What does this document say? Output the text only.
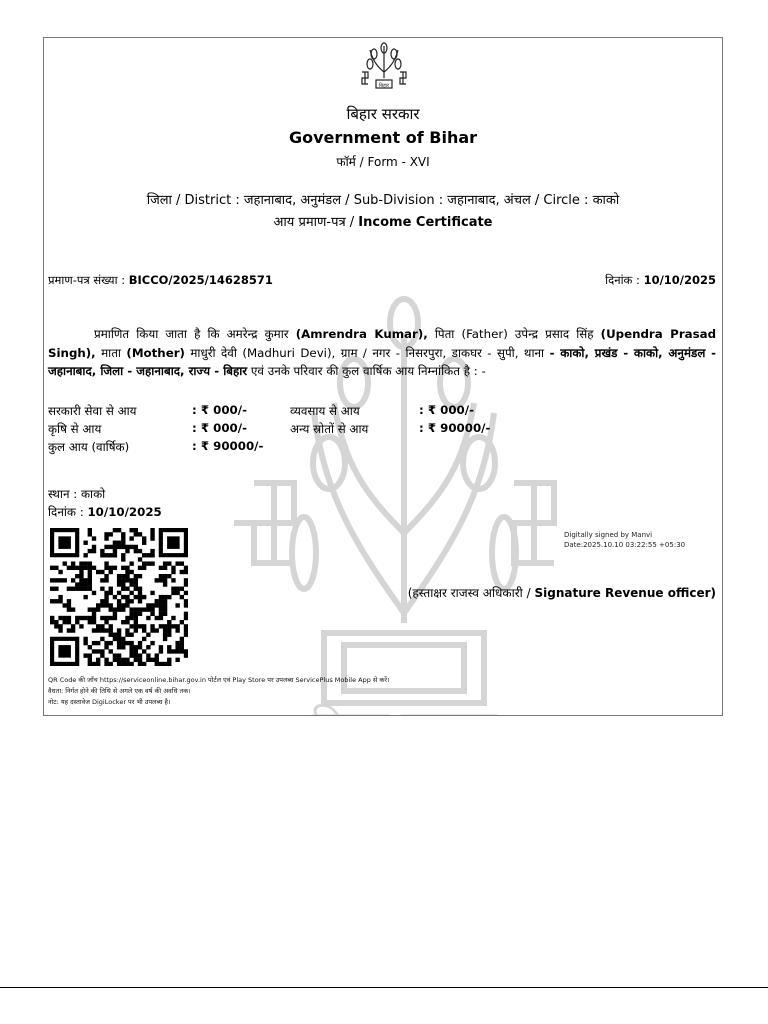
बिहार सरकार
बिहार
बिहार सरकार
Government of Bihar
फॉर्म / Form - XVI
जिला / District : जहानाबाद, अनुमंडल / Sub-Division : जहानाबाद, अंचल / Circle : काको
आय प्रमाण-पत्र / Income Certificate
प्रमाण-पत्र संख्या : BICCO/2025/14628571	दिनांक : 10/10/2025
प्रमाणित किया जाता है कि अमरेन्द्र कुमार (Amrendra Kumar), पिता (Father) उपेन्द्र प्रसाद सिंह (Upendra Prasad Singh), माता (Mother) माधुरी देवी (Madhuri Devi), ग्राम / नगर - निसरपुरा, डाकघर - सुपी, थाना - काको, प्रखंड - काको, अनुमंडल - जहानाबाद, जिला - जहानाबाद, राज्य - बिहार एवं उनके परिवार की कुल वार्षिक आय निम्नांकित है : -
सरकारी सेवा से आय	: ₹ 000/-	व्यवसाय से आय	: ₹ 000/-
कृषि से आय	: ₹ 000/-	अन्य स्रोतों से आय	: ₹ 90000/-
कुल आय (वार्षिक)	: ₹ 90000/-
स्थान : काको
दिनांक : 10/10/2025
Digitally signed by Manvi
Date:2025.10.10 03:22:55 +05:30
(हस्ताक्षर राजस्व अधिकारी / Signature Revenue officer)
QR Code की जाँच https://serviceonline.bihar.gov.in पोर्टल एवं Play Store पर उपलब्ध ServicePlus Mobile App से करें।
वैधता: निर्गत होने की तिथि से अगले एक वर्ष की अवधि तक।
नोट: यह दस्तावेज DigiLocker पर भी उपलब्ध है।
